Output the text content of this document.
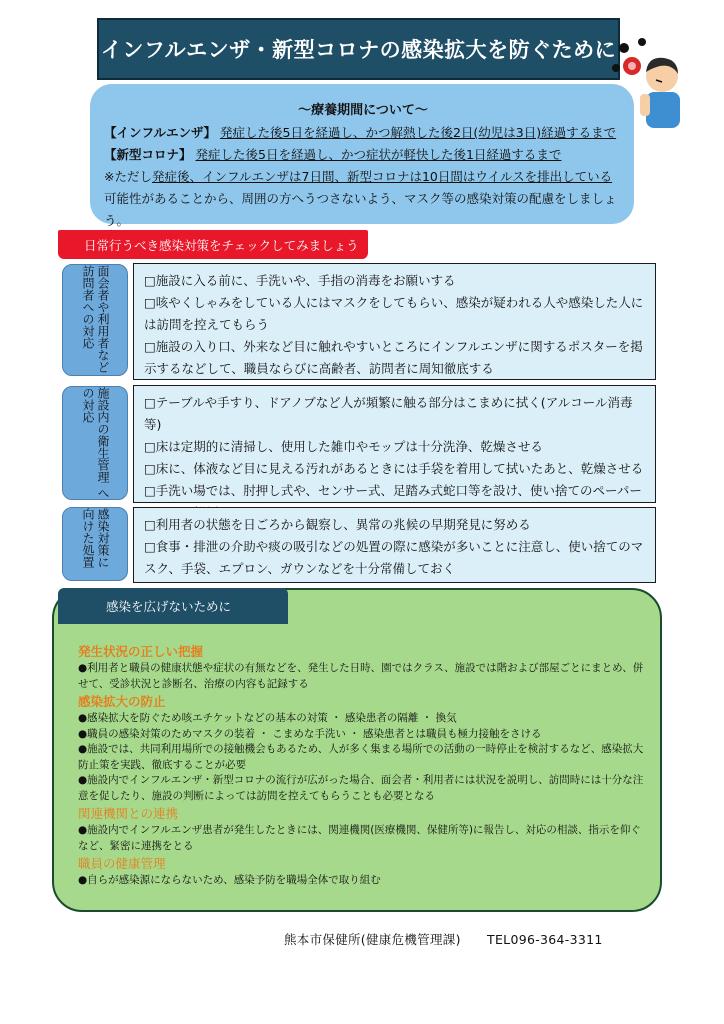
インフルエンザ・新型コロナの感染拡大を防ぐために
～療養期間について～
【インフルエンザ】 発症した後5日を経過し、かつ解熱した後2日(幼児は3日)経過するまで
【新型コロナ】 発症した後5日を経過し、かつ症状が軽快した後1日経過するまで
※ただし発症後、インフルエンザは7日間、新型コロナは10日間はウイルスを排出している可能性があることから、周囲の方へうつさないよう、マスク等の感染対策の配慮をしましょう。
日常行うべき感染対策をチェックしてみましょう
面会者や利用者など 訪問者への対応	□施設に入る前に、手洗いや、手指の消毒をお願いする
□咳やくしゃみをしている人にはマスクをしてもらい、感染が疑われる人や感染した人には訪問を控えてもらう
□施設の入り口、外来など目に触れやすいところにインフルエンザに関するポスターを掲示するなどして、職員ならびに高齢者、訪問者に周知徹底する
施設内の衛生管理 への対応	□テーブルや手すり、ドアノブなど人が頻繁に触る部分はこまめに拭く(アルコール消毒等)
□床は定期的に清掃し、使用した雑巾やモップは十分洗浄、乾燥させる
□床に、体液など目に見える汚れがあるときには手袋を着用して拭いたあと、乾燥させる
□手洗い場では、肘押し式や、センサー式、足踏み式蛇口等を設け、使い捨てのペーパー
感染対策に 向けた処置	□利用者の状態を日ごろから観察し、異常の兆候の早期発見に努める
□食事・排泄の介助や痰の吸引などの処置の際に感染が多いことに注意し、使い捨てのマスク、手袋、エプロン、ガウンなどを十分常備しておく
感染を広げないために
発生状況の正しい把握
●利用者と職員の健康状態や症状の有無などを、発生した日時、園ではクラス、施設では階および部屋ごとにまとめ、併せて、受診状況と診断名、治療の内容も記録する
感染拡大の防止
●感染拡大を防ぐため咳エチケットなどの基本の対策 ・ 感染患者の隔離 ・ 換気
●職員の感染対策のためマスクの装着 ・ こまめな手洗い ・ 感染患者とは職員も極力接触をさける
●施設では、共同利用場所での接触機会もあるため、人が多く集まる場所での活動の一時停止を検討するなど、感染拡大防止策を実践、徹底することが必要
●施設内でインフルエンザ・新型コロナの流行が広がった場合、面会者・利用者には状況を説明し、訪問時には十分な注意を促したり、施設の判断によっては訪問を控えてもらうことも必要となる
関連機関との連携
●施設内でインフルエンザ患者が発生したときには、関連機関(医療機関、保健所等)に報告し、対応の相談、指示を仰ぐなど、緊密に連携をとる
職員の健康管理
●自らが感染源にならないため、感染予防を職場全体で取り組む
熊本市保健所(健康危機管理課) TEL096-364-3311
